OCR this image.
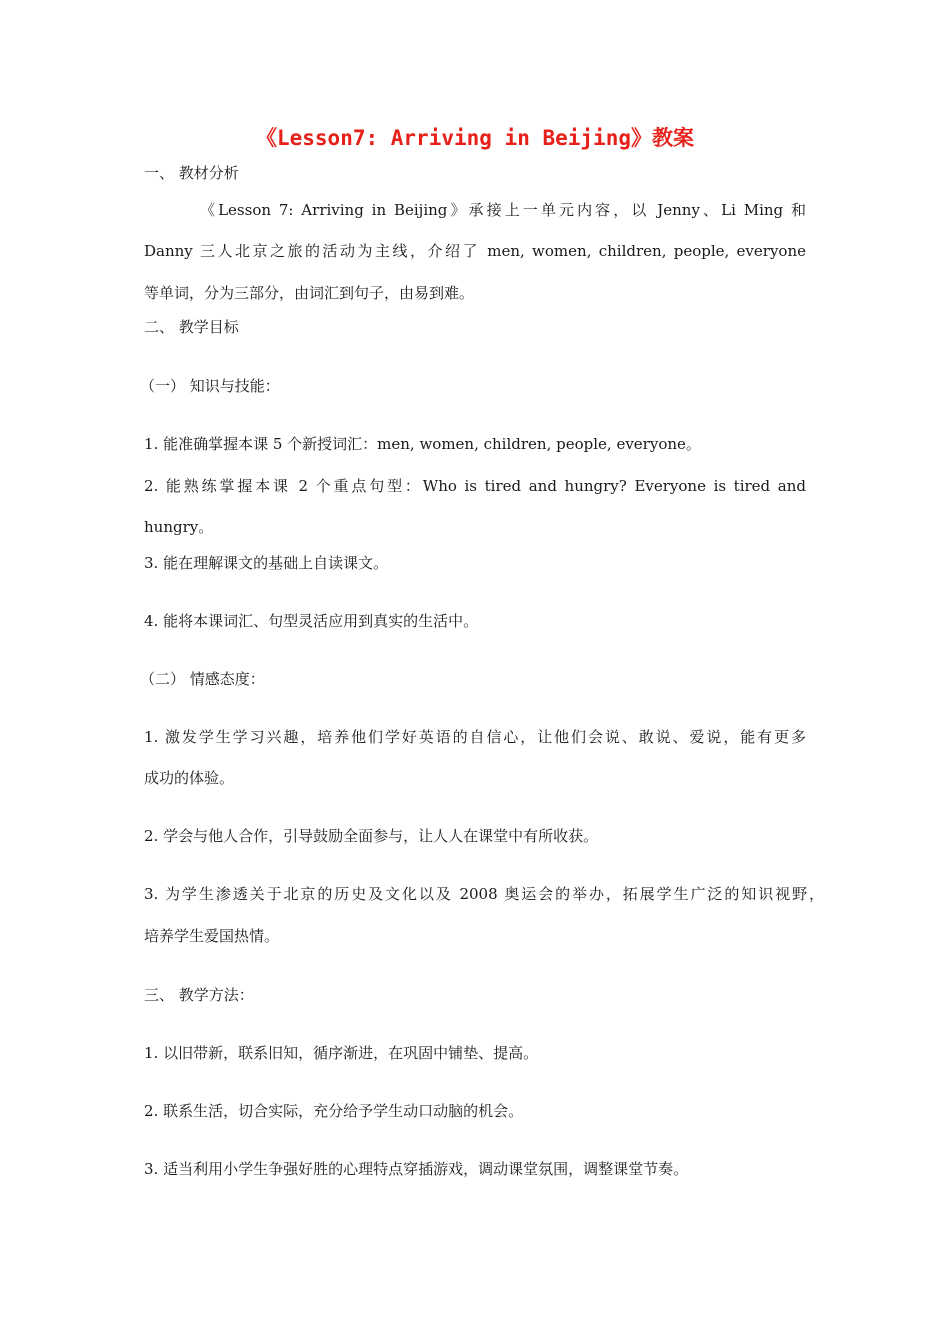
《Lesson7: Arriving in Beijing》教案
一、 教材分析
《Lesson 7: Arriving in Beijing》承接上一单元内容，以 Jenny、Li Ming 和
Danny 三人北京之旅的活动为主线，介绍了 men, women, children, people, everyone
等单词，分为三部分，由词汇到句子，由易到难。
二、 教学目标
（一） 知识与技能：
1. 能准确掌握本课 5 个新授词汇：men, women, children, people, everyone。
2. 能熟练掌握本课 2 个重点句型：Who is tired and hungry? Everyone is tired and
hungry。
3. 能在理解课文的基础上自读课文。
4. 能将本课词汇、句型灵活应用到真实的生活中。
（二） 情感态度：
1. 激发学生学习兴趣，培养他们学好英语的自信心，让他们会说、敢说、爱说，能有更多
成功的体验。
2. 学会与他人合作，引导鼓励全面参与，让人人在课堂中有所收获。
3. 为学生渗透关于北京的历史及文化以及 2008 奥运会的举办，拓展学生广泛的知识视野，
培养学生爱国热情。
三、 教学方法：
1. 以旧带新，联系旧知，循序渐进，在巩固中铺垫、提高。
2. 联系生活，切合实际，充分给予学生动口动脑的机会。
3. 适当利用小学生争强好胜的心理特点穿插游戏，调动课堂氛围，调整课堂节奏。
